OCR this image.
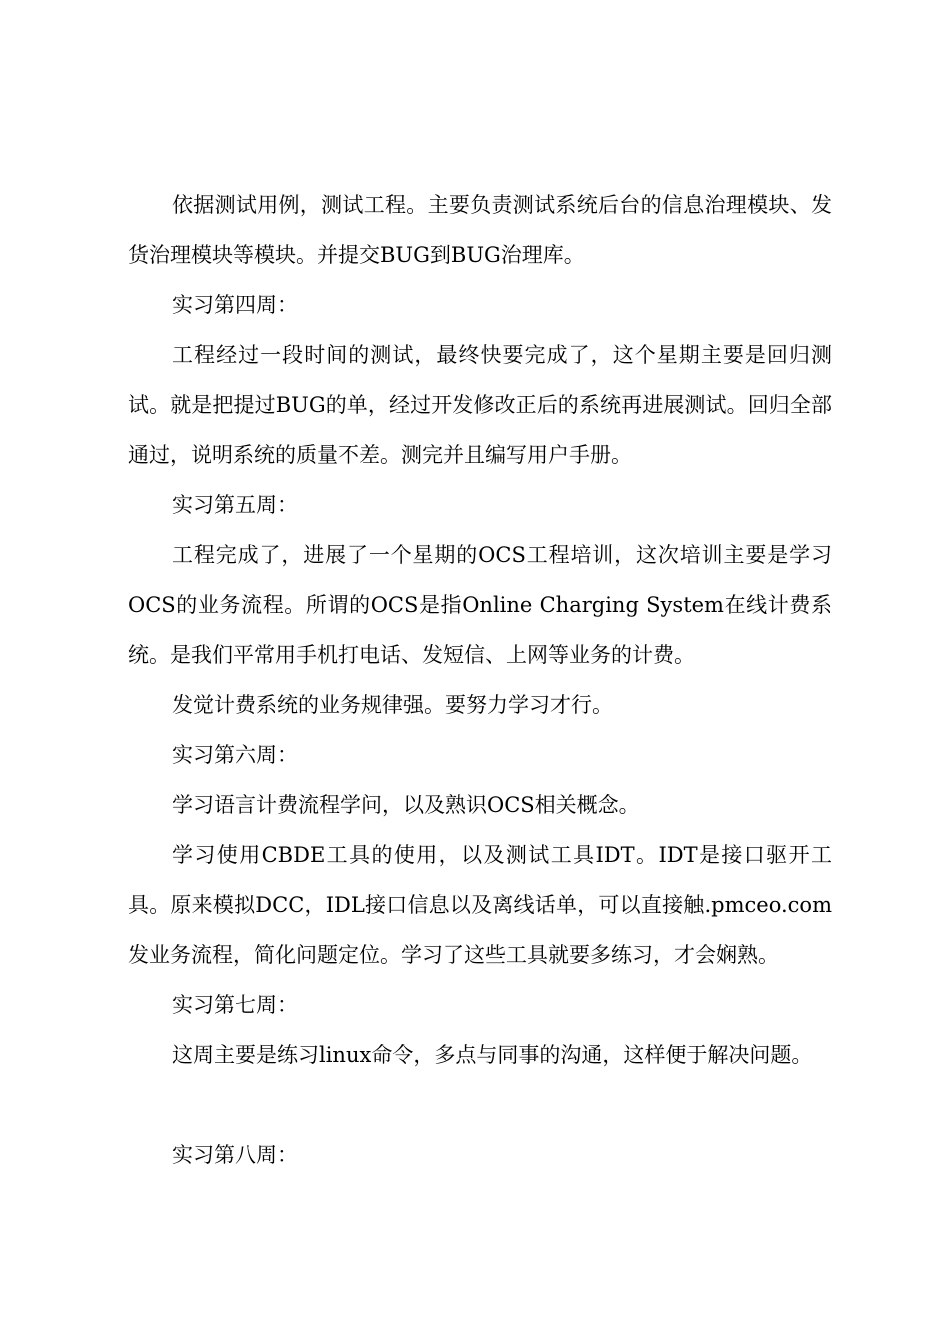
依据测试用例，测试工程。主要负责测试系统后台的信息治理模块、发货治理模块等模块。并提交BUG到BUG治理库。

实习第四周：

工程经过一段时间的测试，最终快要完成了，这个星期主要是回归测试。就是把提过BUG的单，经过开发修改正后的系统再进展测试。回归全部通过，说明系统的质量不差。测完并且编写用户手册。

实习第五周：

工程完成了，进展了一个星期的OCS工程培训，这次培训主要是学习OCS的业务流程。所谓的OCS是指Online Charging System在线计费系统。是我们平常用手机打电话、发短信、上网等业务的计费。

发觉计费系统的业务规律强。要努力学习才行。

实习第六周：

学习语言计费流程学问，以及熟识OCS相关概念。

学习使用CBDE工具的使用，以及测试工具IDT。IDT是接口驱开工具。原来模拟DCC，IDL接口信息以及离线话单，可以直接触.pmceo.com发业务流程，简化问题定位。学习了这些工具就要多练习，才会娴熟。

实习第七周：

这周主要是练习linux命令，多点与同事的沟通，这样便于解决问题。

实习第八周：
